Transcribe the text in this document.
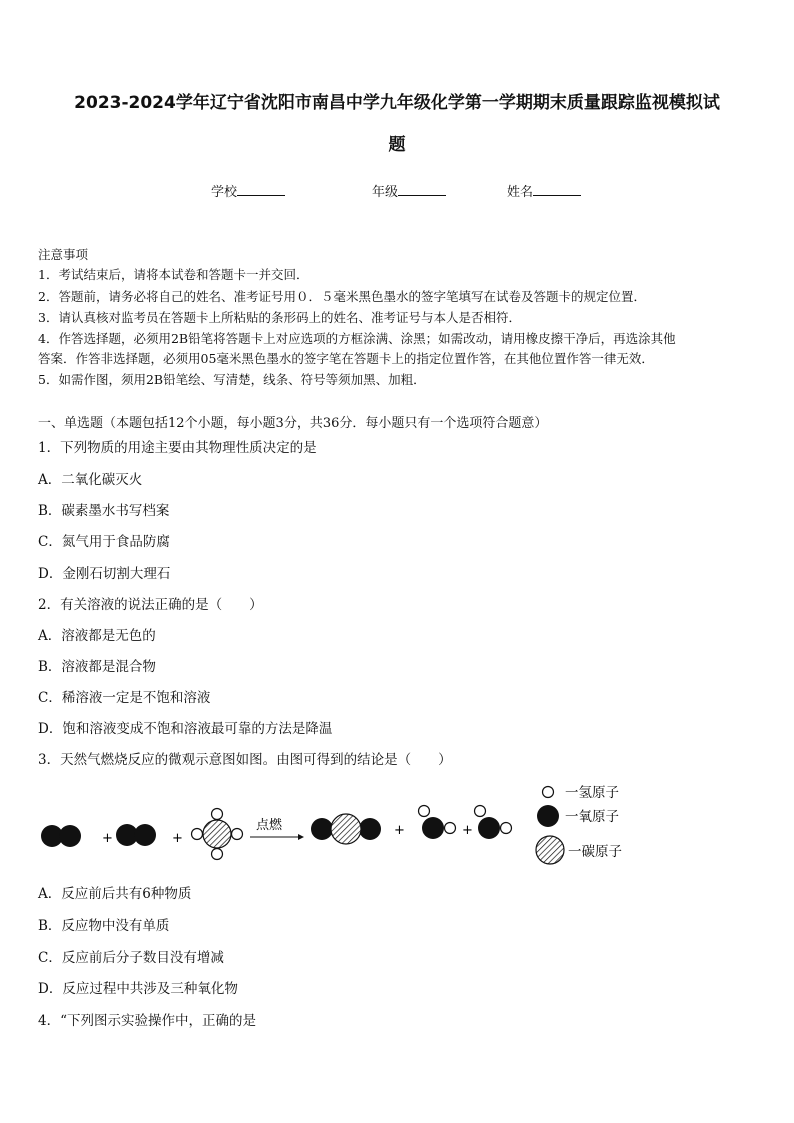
2023-2024学年辽宁省沈阳市南昌中学九年级化学第一学期期末质量跟踪监视模拟试
题
学校	年级	姓名
注意事项
1．考试结束后，请将本试卷和答题卡一并交回．
2．答题前，请务必将自己的姓名、准考证号用０．５毫米黑色墨水的签字笔填写在试卷及答题卡的规定位置．
3．请认真核对监考员在答题卡上所粘贴的条形码上的姓名、准考证号与本人是否相符．
4．作答选择题，必须用2B铅笔将答题卡上对应选项的方框涂满、涂黑；如需改动，请用橡皮擦干净后，再选涂其他
答案．作答非选择题，必须用05毫米黑色墨水的签字笔在答题卡上的指定位置作答，在其他位置作答一律无效．
5．如需作图，须用2B铅笔绘、写清楚，线条、符号等须加黑、加粗．
一、单选题（本题包括12个小题，每小题3分，共36分．每小题只有一个选项符合题意）
1．下列物质的用途主要由其物理性质决定的是
A．二氧化碳灭火
B．碳素墨水书写档案
C．氮气用于食品防腐
D．金刚石切割大理石
2．有关溶液的说法正确的是（　　）
A．溶液都是无色的
B．溶液都是混合物
C．稀溶液一定是不饱和溶液
D．饱和溶液变成不饱和溶液最可靠的方法是降温
3．天然气燃烧反应的微观示意图如图。由图可得到的结论是（　　）
+	+
点燃	+	+
一氢原子
一氧原子
一碳原子
A．反应前后共有6种物质
B．反应物中没有单质
C．反应前后分子数目没有增减
D．反应过程中共涉及三种氧化物
4．“下列图示实验操作中，正确的是
